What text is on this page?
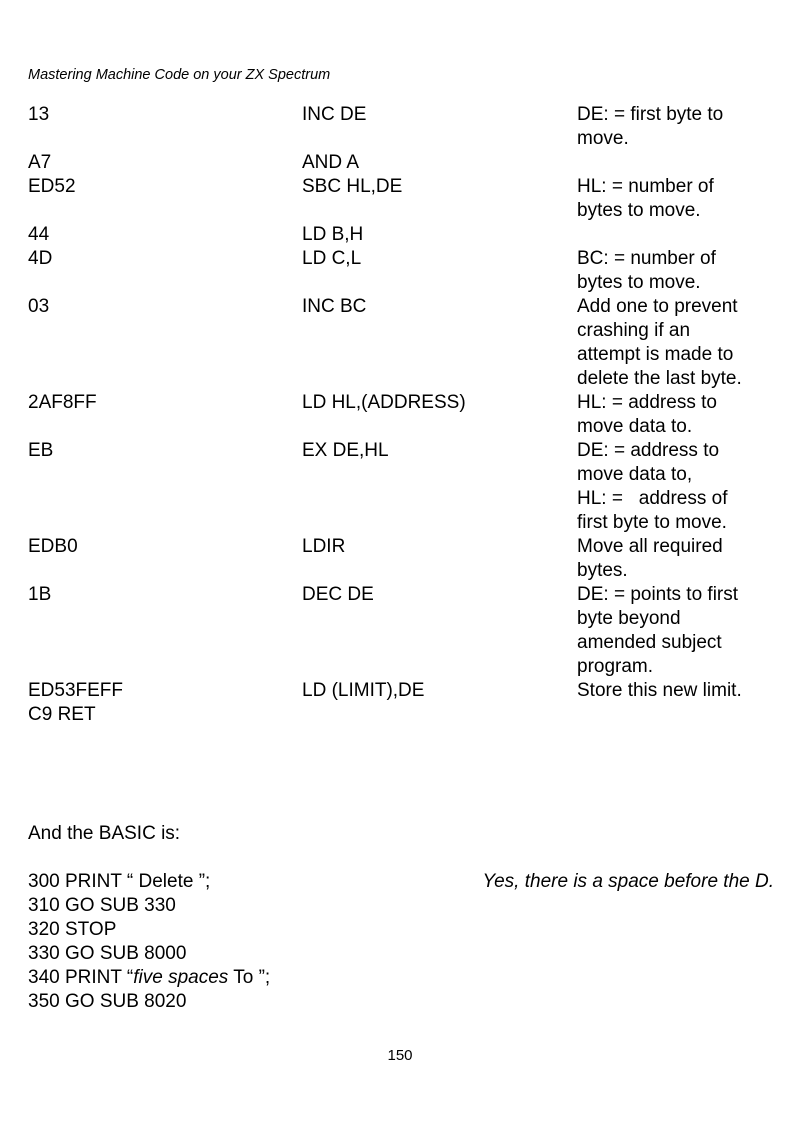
Mastering Machine Code on your ZX Spectrum
13	INC DE	DE: = first byte to
move.
A7	AND A
ED52	SBC HL,DE	HL: = number of
bytes to move.
44	LD B,H
4D	LD C,L	BC: = number of
bytes to move.
03	INC BC	Add one to prevent
crashing if an
attempt is made to
delete the last byte.
2AF8FF	LD HL,(ADDRESS)	HL: = address to
move data to.
EB	EX DE,HL	DE: = address to
move data to,
HL: =   address of
first byte to move.
EDB0	LDIR	Move all required
bytes.
1B	DEC DE	DE: = points to first
byte beyond
amended subject
program.
ED53FEFF	LD (LIMIT),DE	Store this new limit.
C9 RET
And the BASIC is:
300 PRINT “ Delete ”;	Yes, there is a space before the D.
310 GO SUB 330
320 STOP
330 GO SUB 8000
340 PRINT “five spaces To ”;
350 GO SUB 8020
150
